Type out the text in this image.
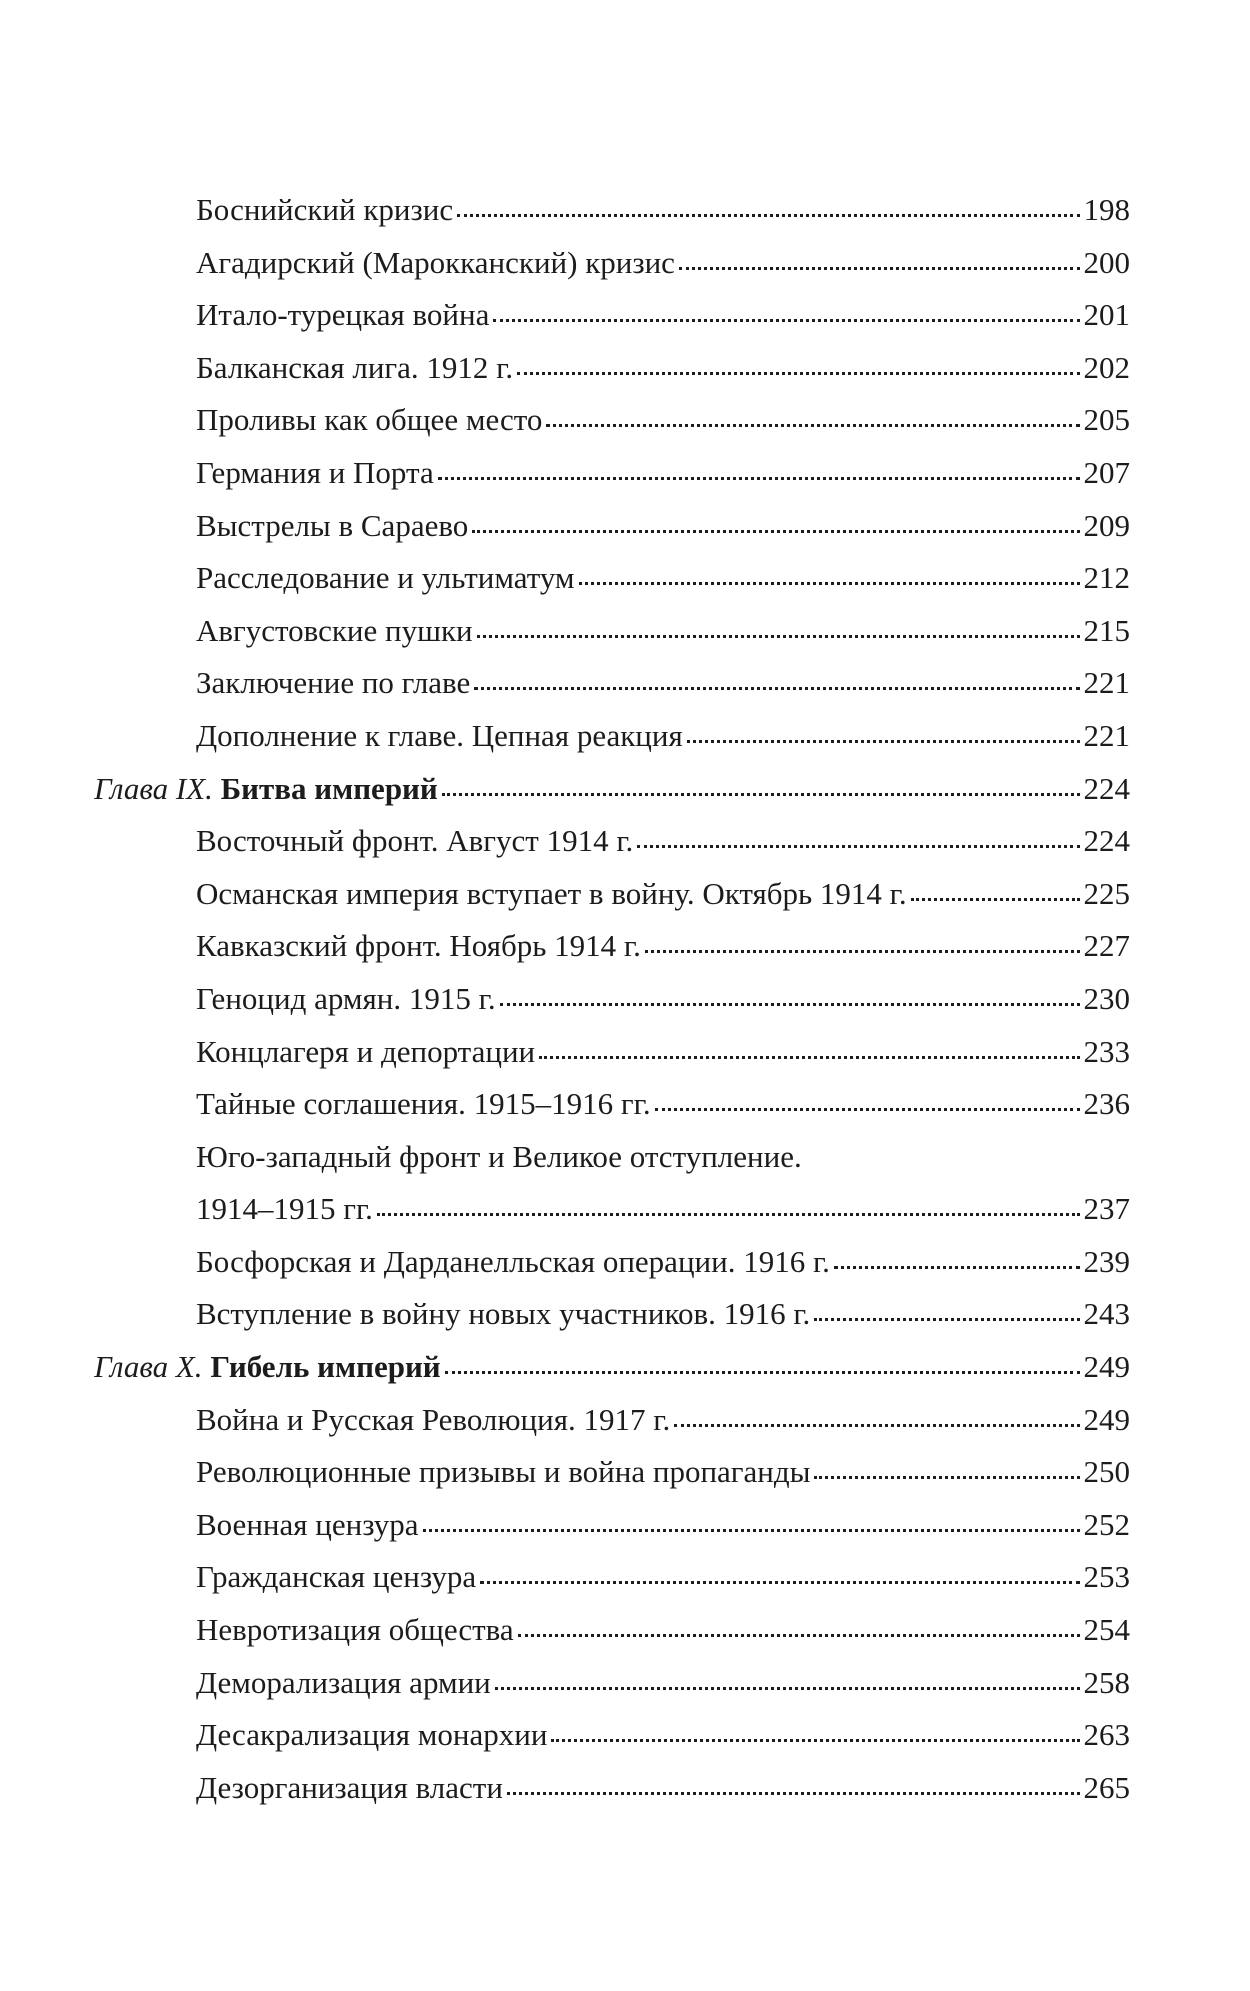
Боснийский кризис	198
Агадирский (Марокканский) кризис	200
Итало-турецкая война	201
Балканская лига. 1912 г.	202
Проливы как общее место	205
Германия и Порта	207
Выстрелы в Сараево	209
Расследование и ультиматум	212
Августовские пушки	215
Заключение по главе	221
Дополнение к главе. Цепная реакция	221
Глава IX. Битва империй	224
Восточный фронт. Август 1914 г.	224
Османская империя вступает в войну. Октябрь 1914 г.	225
Кавказский фронт. Ноябрь 1914 г.	227
Геноцид армян. 1915 г.	230
Концлагеря и депортации	233
Тайные соглашения. 1915–1916 гг.	236
Юго-западный фронт и Великое отступление.
1914–1915 гг.	237
Босфорская и Дарданелльская операции. 1916 г.	239
Вступление в войну новых участников. 1916 г.	243
Глава X. Гибель империй	249
Война и Русская Революция. 1917 г.	249
Революционные призывы и война пропаганды	250
Военная цензура	252
Гражданская цензура	253
Невротизация общества	254
Деморализация армии	258
Десакрализация монархии	263
Дезорганизация власти	265
